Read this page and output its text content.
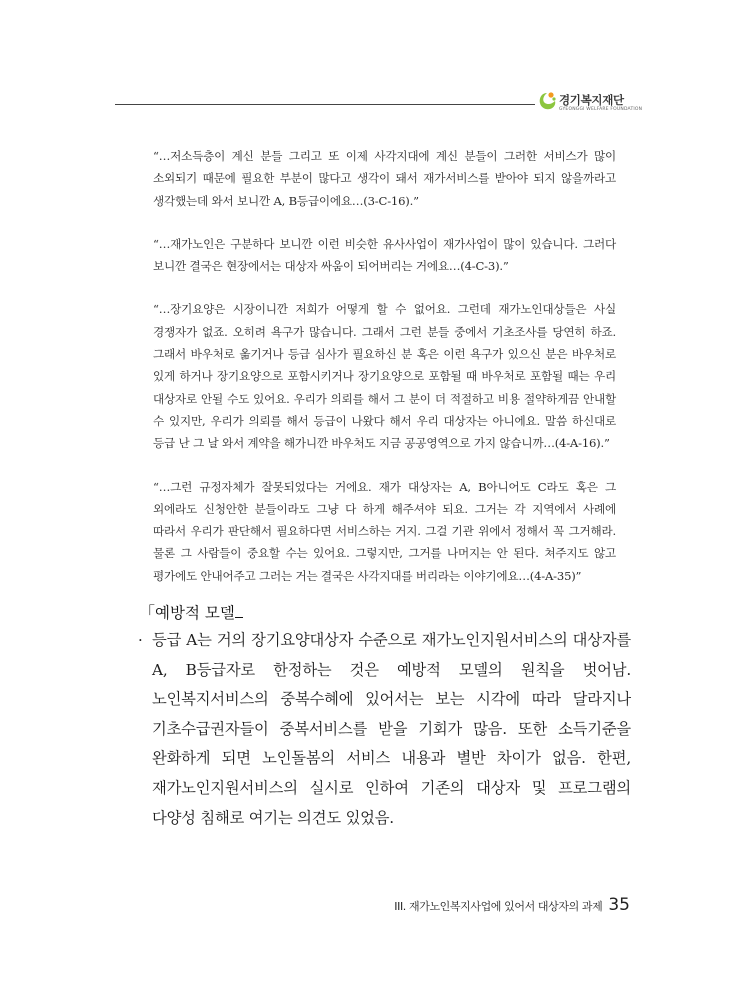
경기복지재단
GYEONGGI WELFARE FOUNDATION

“…저소득층이 계신 분들 그리고 또 이제 사각지대에 계신 분들이 그러한 서비스가 많이 소외되기 때문에 필요한 부분이 많다고 생각이 돼서 재가서비스를 받아야 되지 않을까라고 생각했는데 와서 보니깐 A, B등급이에요…(3-C-16).”

“…재가노인은 구분하다 보니깐 이런 비슷한 유사사업이 재가사업이 많이 있습니다. 그러다 보니깐 결국은 현장에서는 대상자 싸움이 되어버리는 거에요…(4-C-3).”

“…장기요양은 시장이니깐 저희가 어떻게 할 수 없어요. 그런데 재가노인대상들은 사실 경쟁자가 없죠. 오히려 욕구가 많습니다. 그래서 그런 분들 중에서 기초조사를 당연히 하죠. 그래서 바우처로 옮기거나 등급 심사가 필요하신 분 혹은 이런 욕구가 있으신 분은 바우처로 있게 하거나 장기요양으로 포함시키거나 장기요양으로 포함될 때 바우처로 포함될 때는 우리 대상자로 안될 수도 있어요. 우리가 의뢰를 해서 그 분이 더 적절하고 비용 절약하게끔 안내할 수 있지만, 우리가 의뢰를 해서 등급이 나왔다 해서 우리 대상자는 아니에요. 말씀 하신대로 등급 난 그 날 와서 계약을 해가니깐 바우처도 지금 공공영역으로 가지 않습니까…(4-A-16).”

“…그런 규정자체가 잘못되었다는 거에요. 재가 대상자는 A, B아니어도 C라도 혹은 그 외에라도 신청안한 분들이라도 그냥 다 하게 해주셔야 되요. 그거는 각 지역에서 사례에 따라서 우리가 판단해서 필요하다면 서비스하는 거지. 그걸 기관 위에서 정해서 꼭 그거해라. 물론 그 사람들이 중요할 수는 있어요. 그렇지만, 그거를 나머지는 안 된다. 쳐주지도 않고 평가에도 안내어주고 그러는 거는 결국은 사각지대를 버리라는 이야기에요…(4-A-35)”

「예방적 모델
· 등급 A는 거의 장기요양대상자 수준으로 재가노인지원서비스의 대상자를 A, B등급자로 한정하는 것은 예방적 모델의 원칙을 벗어남. 노인복지서비스의 중복수혜에 있어서는 보는 시각에 따라 달라지나 기초수급권자들이 중복서비스를 받을 기회가 많음. 또한 소득기준을 완화하게 되면 노인돌봄의 서비스 내용과 별반 차이가 없음. 한편, 재가노인지원서비스의 실시로 인하여 기존의 대상자 및 프로그램의 다양성 침해로 여기는 의견도 있었음.
III. 재가노인복지사업에 있어서 대상자의 과제 35
